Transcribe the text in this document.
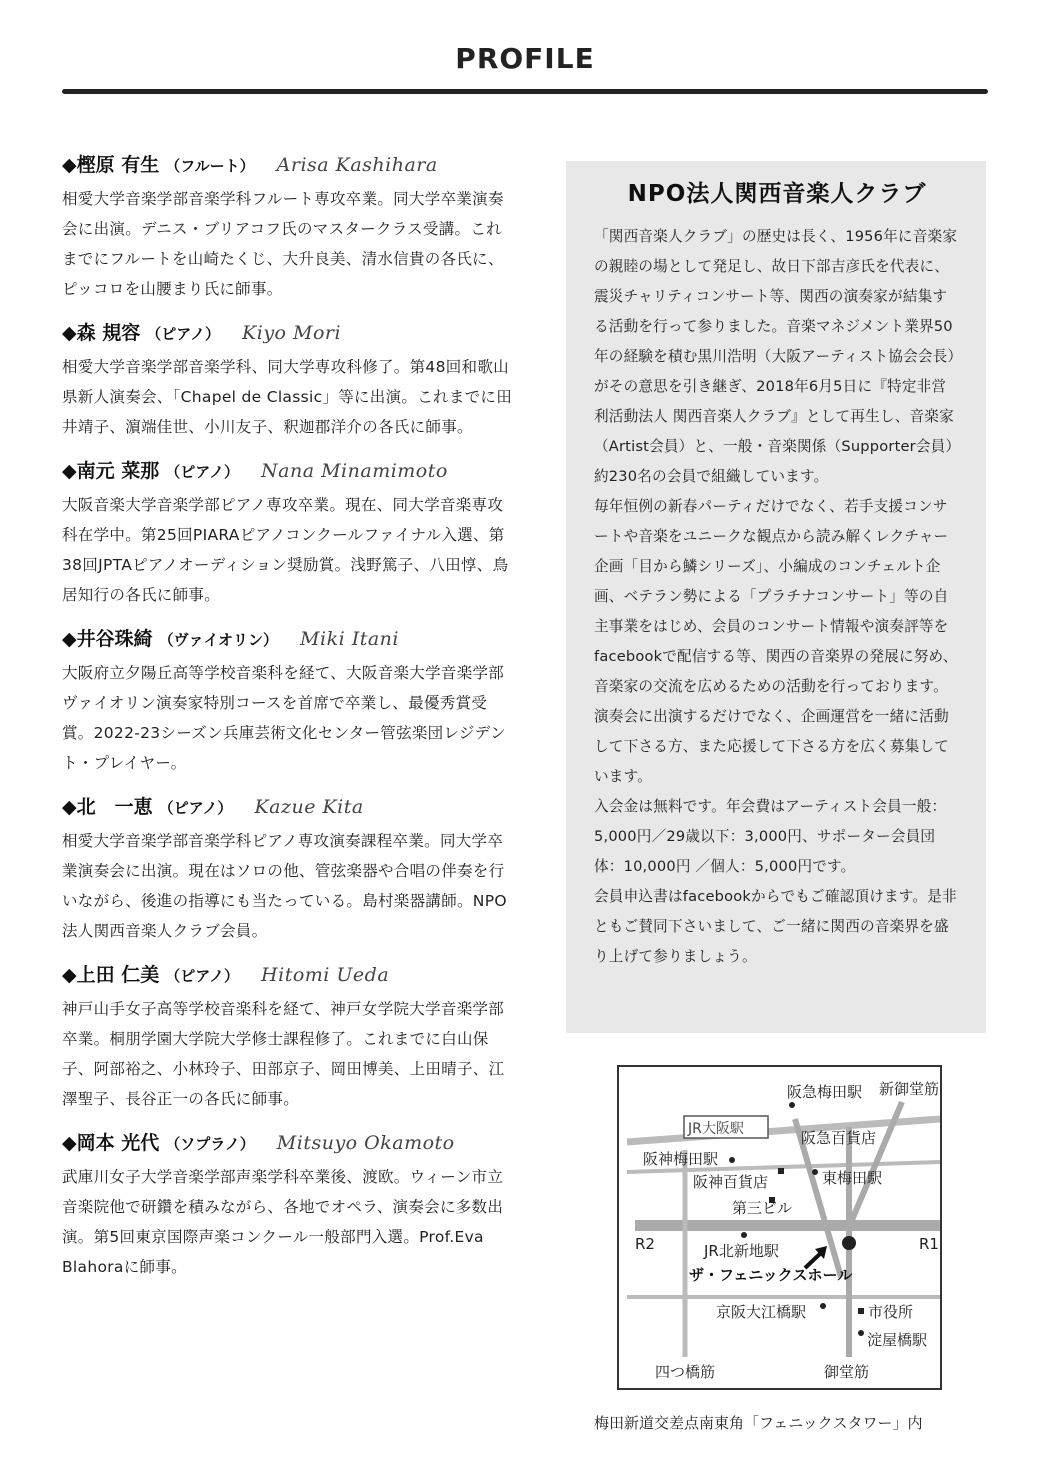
PROFILE
◆樫原 有生 （フルート） Arisa Kashihara

相愛大学音楽学部音楽学科フルート専攻卒業。同大学卒業演奏会に出演。デニス・ブリアコフ氏のマスタークラス受講。これまでにフルートを山崎たくじ、大升良美、清水信貴の各氏に、ピッコロを山腰まり氏に師事。

◆森 規容 （ピアノ） Kiyo Mori

相愛大学音楽学部音楽学科、同大学専攻科修了。第48回和歌山県新人演奏会、「Chapel de Classic」等に出演。これまでに田井靖子、濵端佳世、小川友子、釈迦郡洋介の各氏に師事。

◆南元 菜那 （ピアノ） Nana Minamimoto

大阪音楽大学音楽学部ピアノ専攻卒業。現在、同大学音楽専攻科在学中。第25回PIARAピアノコンクールファイナル入選、第38回JPTAピアノオーディション奨励賞。浅野篤子、八田惇、鳥居知行の各氏に師事。

◆井谷珠綺 （ヴァイオリン） Miki Itani

大阪府立夕陽丘高等学校音楽科を経て、大阪音楽大学音楽学部ヴァイオリン演奏家特別コースを首席で卒業し、最優秀賞受賞。2022-23シーズン兵庫芸術文化センター管弦楽団レジデント・プレイヤー。

◆北　一恵 （ピアノ） Kazue Kita

相愛大学音楽学部音楽学科ピアノ専攻演奏課程卒業。同大学卒業演奏会に出演。現在はソロの他、管弦楽器や合唱の伴奏を行いながら、後進の指導にも当たっている。島村楽器講師。NPO法人関西音楽人クラブ会員。

◆上田 仁美 （ピアノ） Hitomi Ueda

神戸山手女子高等学校音楽科を経て、神戸女学院大学音楽学部卒業。桐朋学園大学院大学修士課程修了。これまでに白山保子、阿部裕之、小林玲子、田部京子、岡田博美、上田晴子、江澤聖子、長谷正一の各氏に師事。

◆岡本 光代 （ソプラノ） Mitsuyo Okamoto

武庫川女子大学音楽学部声楽学科卒業後、渡欧。ウィーン市立音楽院他で研鑽を積みながら、各地でオペラ、演奏会に多数出演。第5回東京国際声楽コンクール一般部門入選。Prof.Eva Blahoraに師事。

NPO法人関西音楽人クラブ

「関西音楽人クラブ」の歴史は長く、1956年に音楽家の親睦の場として発足し、故日下部吉彦氏を代表に、震災チャリティコンサート等、関西の演奏家が結集する活動を行って参りました。音楽マネジメント業界50年の経験を積む黒川浩明（大阪アーティスト協会会長）がその意思を引き継ぎ、2018年6月5日に『特定非営利活動法人 関西音楽人クラブ』として再生し、音楽家（Artist会員）と、一般・音楽関係（Supporter会員）約230名の会員で組織しています。

毎年恒例の新春パーティだけでなく、若手支援コンサートや音楽をユニークな観点から読み解くレクチャー企画「目から鱗シリーズ」、小編成のコンチェルト企画、ベテラン勢による「プラチナコンサート」等の自主事業をはじめ、会員のコンサート情報や演奏評等をfacebookで配信する等、関西の音楽界の発展に努め、音楽家の交流を広めるための活動を行っております。

演奏会に出演するだけでなく、企画運営を一緒に活動して下さる方、また応援して下さる方を広く募集しています。

入会金は無料です。年会費はアーティスト会員一般：5,000円／29歳以下：3,000円、サポーター会員団体：10,000円 ／個人：5,000円です。

会員申込書はfacebookからでもご確認頂けます。是非ともご賛同下さいまして、ご一緒に関西の音楽界を盛り上げて参りましょう。

阪急梅田駅 新御堂筋
JR大阪駅	阪急百貨店
阪神梅田駅
阪神百貨店	東梅田駅
第三ビル
R2	R1
JR北新地駅
ザ・フェニックスホール
京阪大江橋駅	市役所
淀屋橋駅
四つ橋筋	御堂筋
梅田新道交差点南東角「フェニックスタワー」内
